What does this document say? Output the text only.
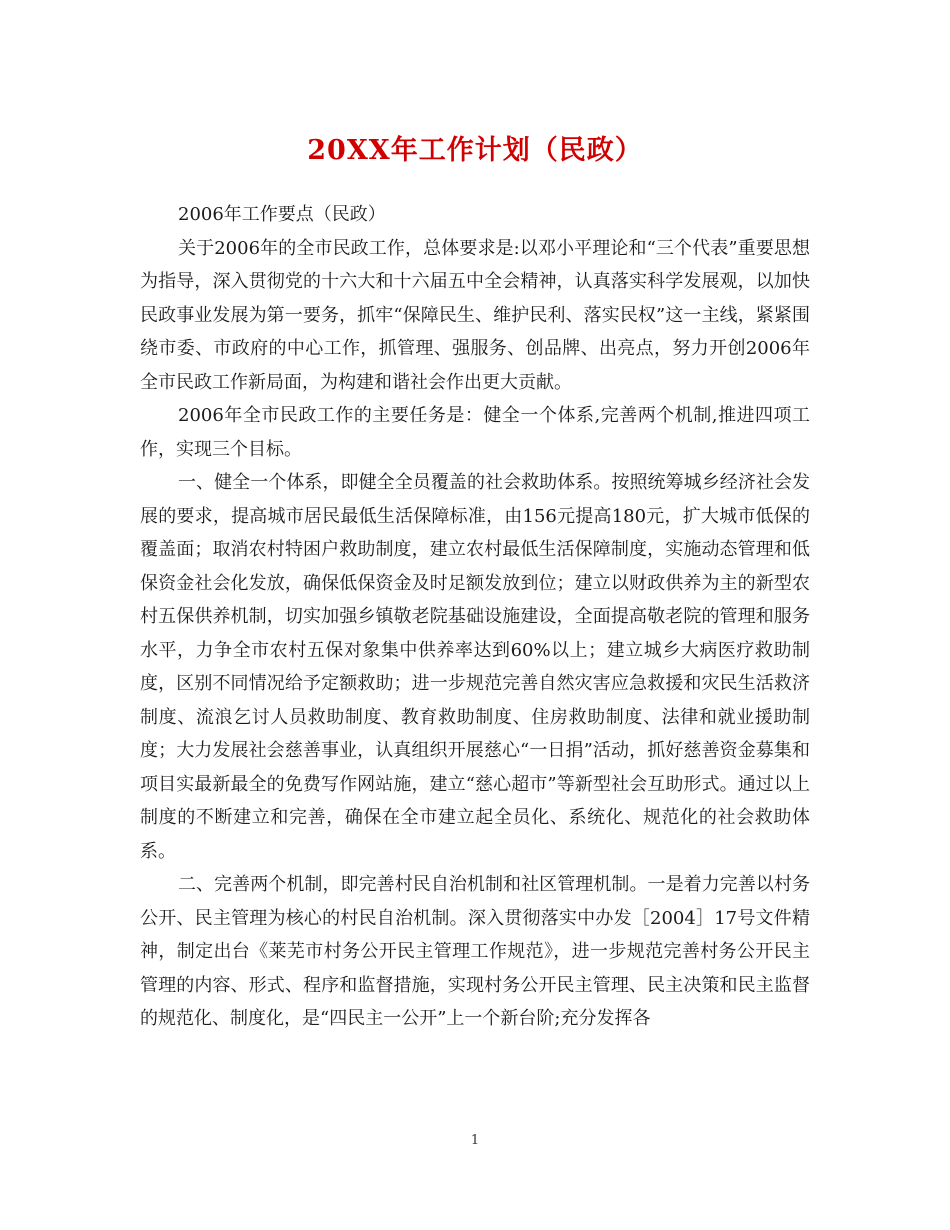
20XX年工作计划（民政）

2006年工作要点（民政）

关于2006年的全市民政工作，总体要求是:以邓小平理论和“三个代表”重要思想为指导，深入贯彻党的十六大和十六届五中全会精神，认真落实科学发展观，以加快民政事业发展为第一要务，抓牢“保障民生、维护民利、落实民权”这一主线，紧紧围绕市委、市政府的中心工作，抓管理、强服务、创品牌、出亮点，努力开创2006年全市民政工作新局面，为构建和谐社会作出更大贡献。

2006年全市民政工作的主要任务是：健全一个体系,完善两个机制,推进四项工作，实现三个目标。

一、健全一个体系，即健全全员覆盖的社会救助体系。按照统筹城乡经济社会发展的要求，提高城市居民最低生活保障标准，由156元提高180元，扩大城市低保的覆盖面；取消农村特困户救助制度，建立农村最低生活保障制度，实施动态管理和低保资金社会化发放，确保低保资金及时足额发放到位；建立以财政供养为主的新型农村五保供养机制，切实加强乡镇敬老院基础设施建设，全面提高敬老院的管理和服务水平，力争全市农村五保对象集中供养率达到60%以上；建立城乡大病医疗救助制度，区别不同情况给予定额救助；进一步规范完善自然灾害应急救援和灾民生活救济制度、流浪乞讨人员救助制度、教育救助制度、住房救助制度、法律和就业援助制度；大力发展社会慈善事业，认真组织开展慈心“一日捐”活动，抓好慈善资金募集和项目实最新最全的免费写作网站施，建立“慈心超市”等新型社会互助形式。通过以上制度的不断建立和完善，确保在全市建立起全员化、系统化、规范化的社会救助体系。

二、完善两个机制，即完善村民自治机制和社区管理机制。一是着力完善以村务公开、民主管理为核心的村民自治机制。深入贯彻落实中办发［2004］17号文件精神，制定出台《莱芜市村务公开民主管理工作规范》，进一步规范完善村务公开民主管理的内容、形式、程序和监督措施，实现村务公开民主管理、民主决策和民主监督的规范化、制度化，是“四民主一公开”上一个新台阶;充分发挥各

1
